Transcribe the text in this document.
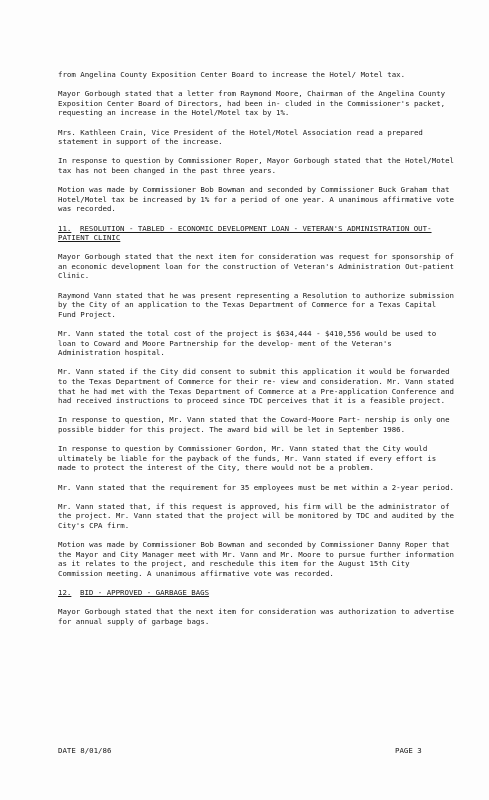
from Angelina County Exposition Center Board to increase the Hotel/ Motel tax.

Mayor Gorbough stated that a letter from Raymond Moore, Chairman of the Angelina County Exposition Center Board of Directors, had been in- cluded in the Commissioner's packet, requesting an increase in the Hotel/Motel tax by 1%.

Mrs. Kathleen Crain, Vice President of the Hotel/Motel Association read a prepared statement in support of the increase.

In response to question by Commissioner Roper, Mayor Gorbough stated that the Hotel/Motel tax has not been changed in the past three years.

Motion was made by Commissioner Bob Bowman and seconded by Commissioner Buck Graham that Hotel/Motel tax be increased by 1% for a period of one year. A unanimous affirmative vote was recorded.

11. RESOLUTION - TABLED - ECONOMIC DEVELOPMENT LOAN - VETERAN'S ADMINISTRATION OUT-PATIENT CLINIC

Mayor Gorbough stated that the next item for consideration was request for sponsorship of an economic development loan for the construction of Veteran's Administration Out-patient Clinic.

Raymond Vann stated that he was present representing a Resolution to authorize submission by the City of an application to the Texas Department of Commerce for a Texas Capital Fund Project.

Mr. Vann stated the total cost of the project is $634,444 - $410,556 would be used to loan to Coward and Moore Partnership for the develop- ment of the Veteran's Administration hospital.

Mr. Vann stated if the City did consent to submit this application it would be forwarded to the Texas Department of Commerce for their re- view and consideration. Mr. Vann stated that he had met with the Texas Department of Commerce at a Pre-application Conference and had received instructions to proceed since TDC perceives that it is a feasible project.

In response to question, Mr. Vann stated that the Coward-Moore Part- nership is only one possible bidder for this project. The award bid will be let in September 1986.

In response to question by Commissioner Gordon, Mr. Vann stated that the City would ultimately be liable for the payback of the funds, Mr. Vann stated if every effort is made to protect the interest of the City, there would not be a problem.

Mr. Vann stated that the requirement for 35 employees must be met within a 2-year period.

Mr. Vann stated that, if this request is approved, his firm will be the administrator of the project. Mr. Vann stated that the project will be monitored by TDC and audited by the City's CPA firm.

Motion was made by Commissioner Bob Bowman and seconded by Commissioner Danny Roper that the Mayor and City Manager meet with Mr. Vann and Mr. Moore to pursue further information as it relates to the project, and reschedule this item for the August 15th City Commission meeting. A unanimous affirmative vote was recorded.

12. BID - APPROVED - GARBAGE BAGS

Mayor Gorbough stated that the next item for consideration was authorization to advertise for annual supply of garbage bags.

DATE 8/01/86	PAGE 3
